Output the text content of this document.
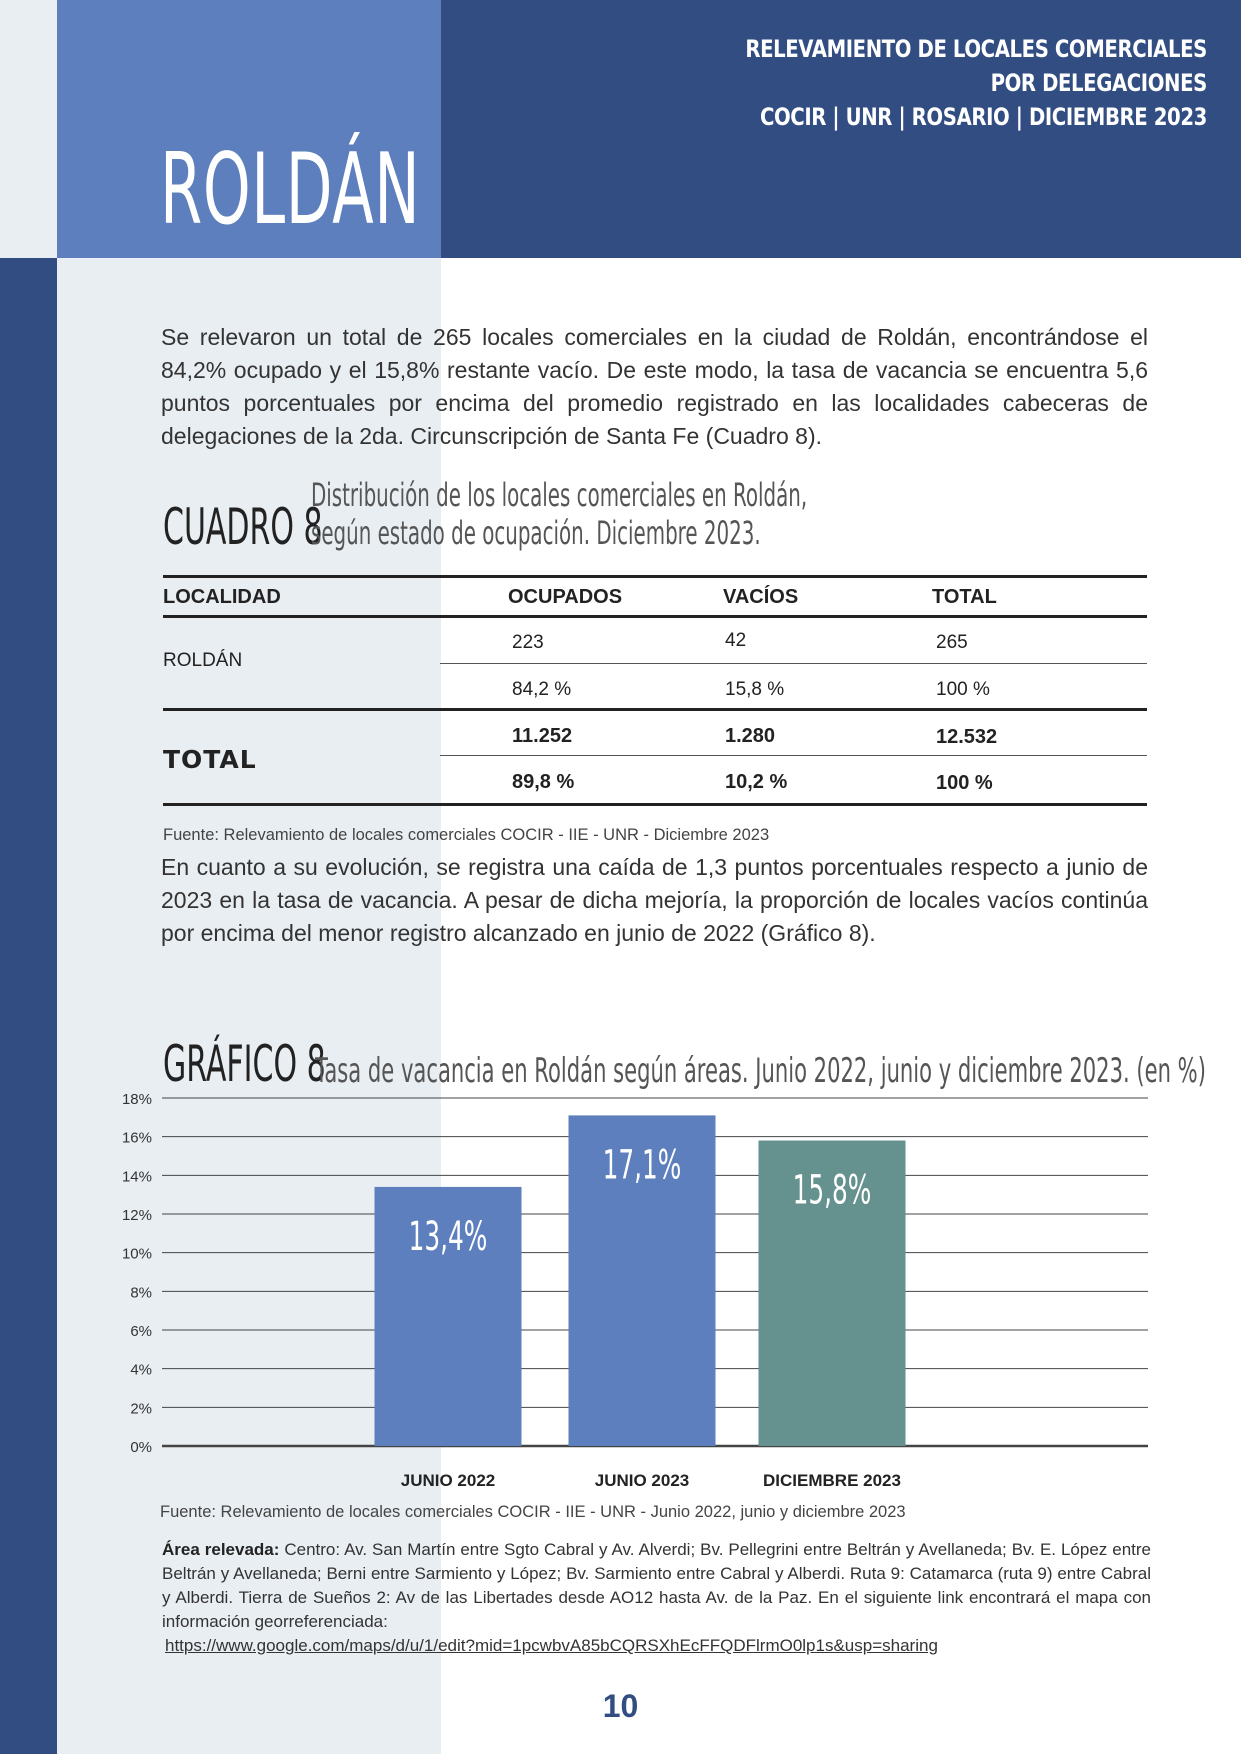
RELEVAMIENTO DE LOCALES COMERCIALES
POR DELEGACIONES
COCIR | UNR | ROSARIO | DICIEMBRE 2023
ROLDÁN

Se relevaron un total de 265 locales comerciales en la ciudad de Roldán, encontrándose el 84,2% ocupado y el 15,8% restante vacío. De este modo, la tasa de vacancia se encuentra 5,6 puntos porcentuales por encima del promedio registrado en las localidades cabeceras de delegaciones de la 2da. Circunscripción de Santa Fe (Cuadro 8).

CUADRO 8
Distribución de los locales comerciales en Roldán,
según estado de ocupación. Diciembre 2023.
LOCALIDAD	OCUPADOS	VACÍOS	TOTAL
ROLDÁN
223	42	265
84,2 %	15,8 %	100 %
TOTAL
11.252	1.280	12.532
89,8 %	10,2 %	100 %
Fuente: Relevamiento de locales comerciales COCIR - IIE - UNR - Diciembre 2023

En cuanto a su evolución, se registra una caída de 1,3 puntos porcentuales respecto a junio de 2023 en la tasa de vacancia. A pesar de dicha mejoría, la proporción de locales vacíos continúa por encima del menor registro alcanzado en junio de 2022 (Gráfico 8).

GRÁFICO 8
Tasa de vacancia en Roldán según áreas. Junio 2022, junio y diciembre 2023. (en %)
0%
2%
4%
6%
8%
10%
12%
14%
16%
18%
13,4%
JUNIO 2022
17,1%
JUNIO 2023
15,8%
DICIEMBRE 2023
Fuente: Relevamiento de locales comerciales COCIR - IIE - UNR - Junio 2022, junio y diciembre 2023

Área relevada: Centro: Av. San Martín entre Sgto Cabral y Av. Alverdi; Bv. Pellegrini entre Beltrán y Avellaneda; Bv. E. López entre Beltrán y Avellaneda; Berni entre Sarmiento y López; Bv. Sarmiento entre Cabral y Alberdi. Ruta 9: Catamarca (ruta 9) entre Cabral y Alberdi. Tierra de Sueños 2: Av de las Libertades desde AO12 hasta Av. de la Paz. En el siguiente link encontrará el mapa con información georreferenciada:

https://www.google.com/maps/d/u/1/edit?mid=1pcwbvA85bCQRSXhEcFFQDFlrmO0lp1s&usp=sharing
10
